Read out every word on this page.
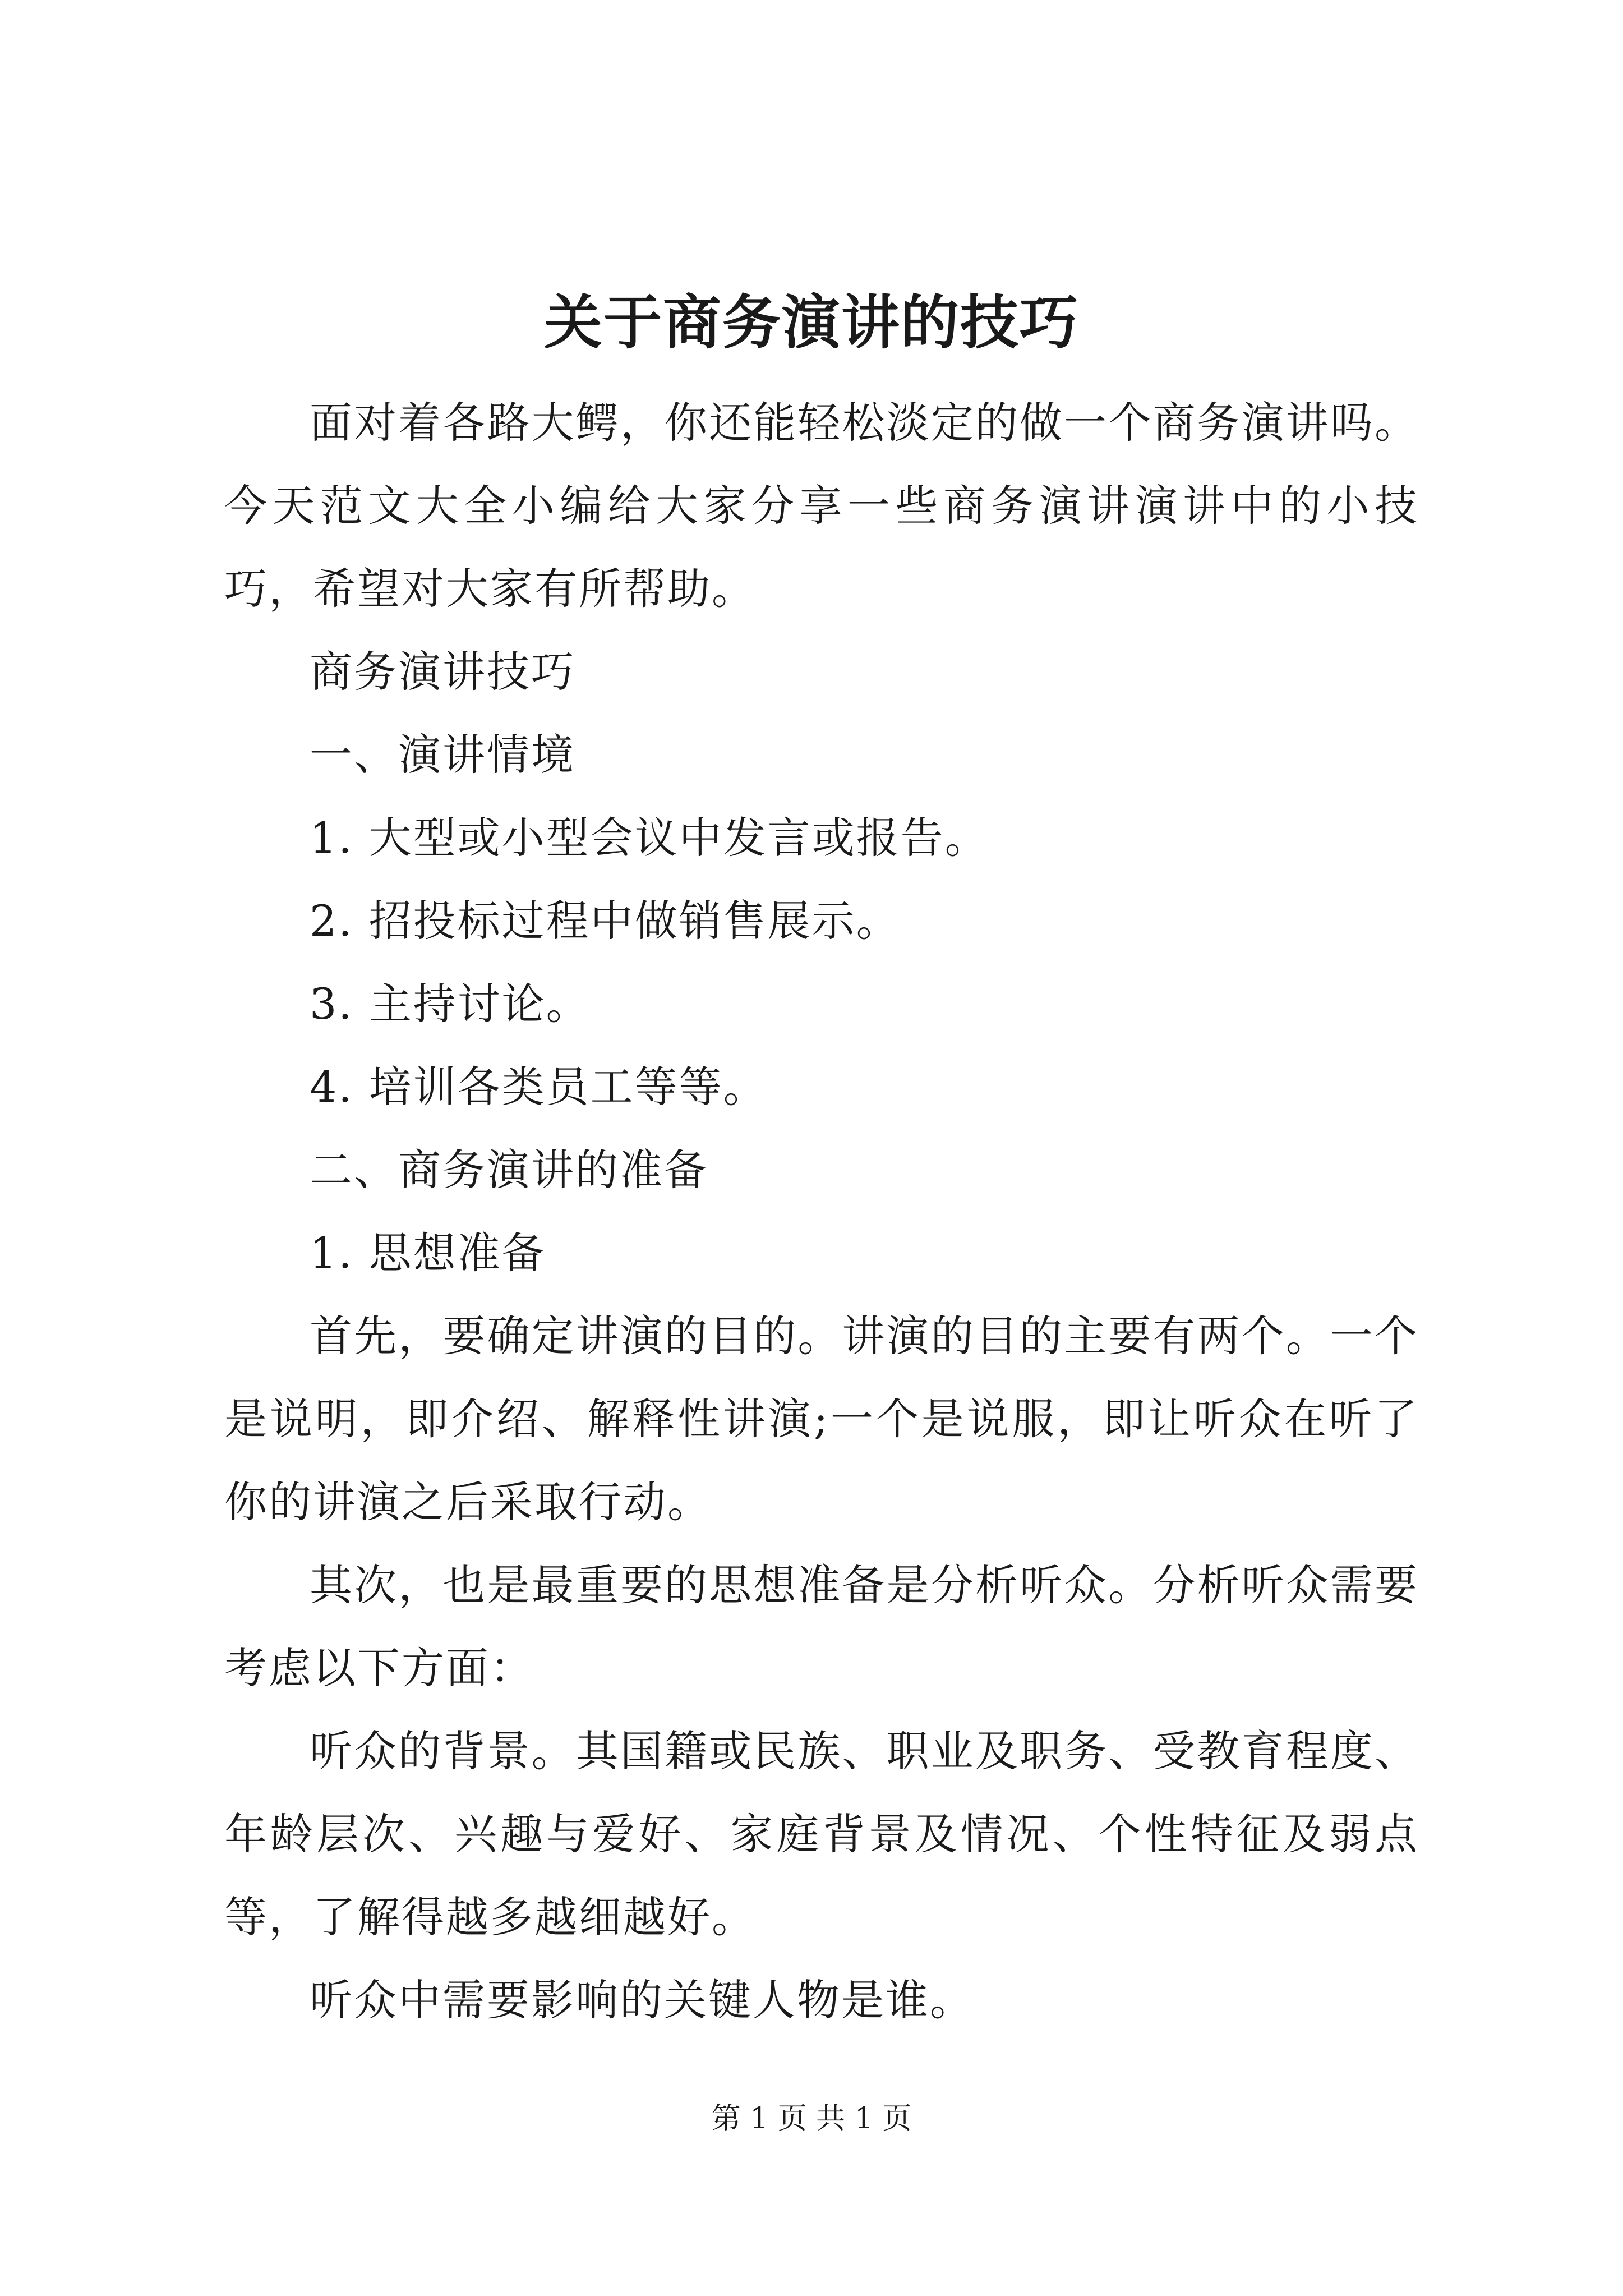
关于商务演讲的技巧

面对着各路大鳄，你还能轻松淡定的做一个商务演讲吗。今天范文大全小编给大家分享一些商务演讲演讲中的小技巧，希望对大家有所帮助。

商务演讲技巧

一、演讲情境

1. 大型或小型会议中发言或报告。

2. 招投标过程中做销售展示。

3. 主持讨论。

4. 培训各类员工等等。

二、商务演讲的准备

1. 思想准备

首先，要确定讲演的目的。讲演的目的主要有两个。一个是说明，即介绍、解释性讲演;一个是说服，即让听众在听了你的讲演之后采取行动。

其次，也是最重要的思想准备是分析听众。分析听众需要考虑以下方面：

听众的背景。其国籍或民族、职业及职务、受教育程度、年龄层次、兴趣与爱好、家庭背景及情况、个性特征及弱点等，了解得越多越细越好。

听众中需要影响的关键人物是谁。

第 1 页 共 1 页
